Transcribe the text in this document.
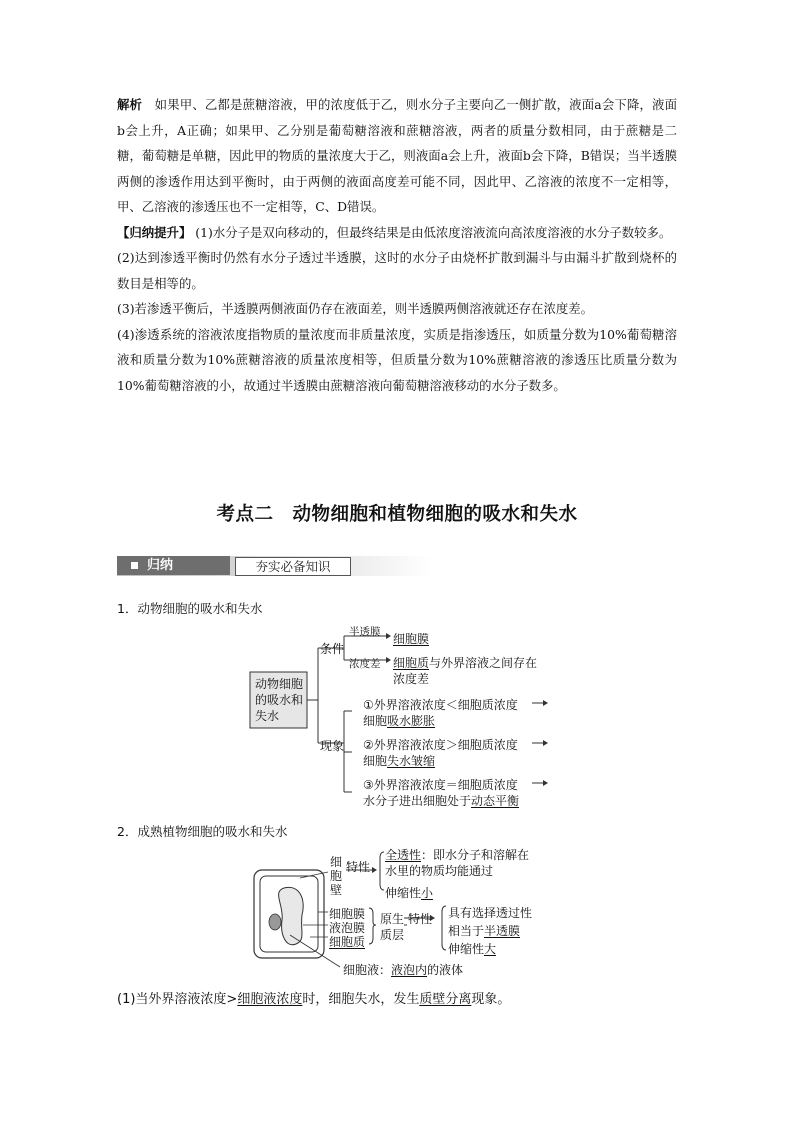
解析　如果甲、乙都是蔗糖溶液，甲的浓度低于乙，则水分子主要向乙一侧扩散，液面a会下降，液面b会上升，A正确；如果甲、乙分别是葡萄糖溶液和蔗糖溶液，两者的质量分数相同，由于蔗糖是二糖，葡萄糖是单糖，因此甲的物质的量浓度大于乙，则液面a会上升，液面b会下降，B错误；当半透膜两侧的渗透作用达到平衡时，由于两侧的液面高度差可能不同，因此甲、乙溶液的浓度不一定相等，甲、乙溶液的渗透压也不一定相等，C、D错误。

【归纳提升】 (1)水分子是双向移动的，但最终结果是由低浓度溶液流向高浓度溶液的水分子数较多。

(2)达到渗透平衡时仍然有水分子透过半透膜，这时的水分子由烧杯扩散到漏斗与由漏斗扩散到烧杯的数目是相等的。

(3)若渗透平衡后，半透膜两侧液面仍存在液面差，则半透膜两侧溶液就还存在浓度差。

(4)渗透系统的溶液浓度指物质的量浓度而非质量浓度，实质是指渗透压，如质量分数为10%葡萄糖溶液和质量分数为10%蔗糖溶液的质量浓度相等，但质量分数为10%蔗糖溶液的渗透压比质量分数为10%葡萄糖溶液的小，故通过半透膜由蔗糖溶液向葡萄糖溶液移动的水分子数多。

考点二　动物细胞和植物细胞的吸水和失水
归纳	夯实必备知识
1．动物细胞的吸水和失水
动物细胞
的吸水和
失水
条件
半透膜 细胞膜
浓度差 细胞质与外界溶液之间存在
浓度差
现象
①外界溶液浓度＜细胞质浓度
细胞吸水膨胀
②外界溶液浓度＞细胞质浓度
细胞失水皱缩
③外界溶液浓度＝细胞质浓度
水分子进出细胞处于动态平衡
2．成熟植物细胞的吸水和失水
细
胞
壁
特性
全透性：即水分子和溶解在
水里的物质均能通过
伸缩性小
细胞膜
液泡膜
细胞质
原生
质层
特性 具有选择透过性
相当于半透膜
伸缩性大
细胞液：液泡内的液体
(1)当外界溶液浓度>细胞液浓度时，细胞失水，发生质壁分离现象。
